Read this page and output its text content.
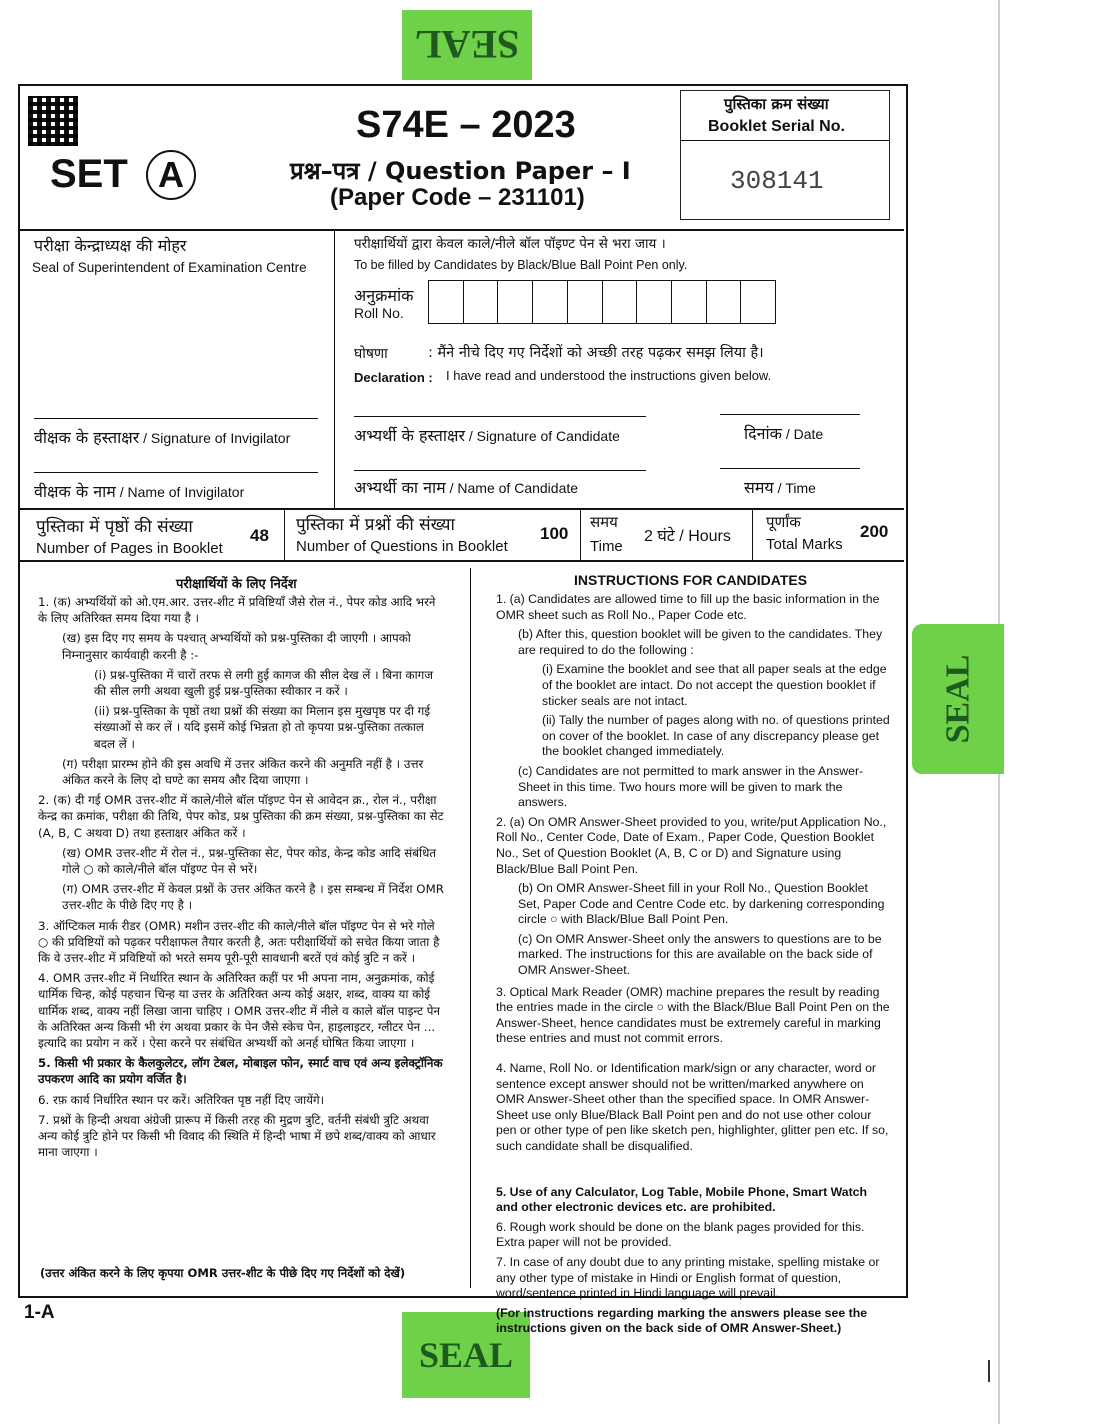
SEAL
SEAL
SEAL
SET A
S74E – 2023
प्रश्न–पत्र / Question Paper – I
(Paper Code – 231101)
पुस्तिका क्रम संख्या
Booklet Serial No.
308141
परीक्षा केन्द्राध्यक्ष की मोहर
Seal of Superintendent of Examination Centre
वीक्षक के हस्ताक्षर / Signature of Invigilator
वीक्षक के नाम / Name of Invigilator
परीक्षार्थियों द्वारा केवल काले/नीले बॉल पॉइण्ट पेन से भरा जाय ।
To be filled by Candidates by Black/Blue Ball Point Pen only.
अनुक्रमांक
Roll No.
घोषणा	: मैंने नीचे दिए गए निर्देशों को अच्छी तरह पढ़कर समझ लिया है।
Declaration : I have read and understood the instructions given below.
अभ्यर्थी के हस्ताक्षर / Signature of Candidate	दिनांक / Date
अभ्यर्थी का नाम / Name of Candidate	समय / Time
पुस्तिका में पृष्ठों की संख्या
Number of Pages in Booklet
48
पुस्तिका में प्रश्नों की संख्या
Number of Questions in Booklet
100
समय
Time
2 घंटे / Hours
पूर्णांक
Total Marks
200
परीक्षार्थियों के लिए निर्देश

1. (क) अभ्यर्थियों को ओ.एम.आर. उत्तर-शीट में प्रविष्टियाँ जैसे रोल नं., पेपर कोड आदि भरने के लिए अतिरिक्त समय दिया गया है ।

(ख) इस दिए गए समय के पश्चात् अभ्यर्थियों को प्रश्न-पुस्तिका दी जाएगी । आपको निम्नानुसार कार्यवाही करनी है :-

(i) प्रश्न-पुस्तिका में चारों तरफ से लगी हुई कागज की सील देख लें । बिना कागज की सील लगी अथवा खुली हुई प्रश्न-पुस्तिका स्वीकार न करें ।

(ii) प्रश्न-पुस्तिका के पृष्ठों तथा प्रश्नों की संख्या का मिलान इस मुखपृष्ठ पर दी गई संख्याओं से कर लें । यदि इसमें कोई भिन्नता हो तो कृपया प्रश्न-पुस्तिका तत्काल बदल लें ।

(ग) परीक्षा प्रारम्भ होने की इस अवधि में उत्तर अंकित करने की अनुमति नहीं है । उत्तर अंकित करने के लिए दो घण्टे का समय और दिया जाएगा ।

2. (क) दी गई OMR उत्तर-शीट में काले/नीले बॉल पॉइण्ट पेन से आवेदन क्र., रोल नं., परीक्षा केन्द्र का क्रमांक, परीक्षा की तिथि, पेपर कोड, प्रश्न पुस्तिका की क्रम संख्या, प्रश्न-पुस्तिका का सेट (A, B, C अथवा D) तथा हस्ताक्षर अंकित करें ।

(ख) OMR उत्तर-शीट में रोल नं., प्रश्न-पुस्तिका सेट, पेपर कोड, केन्द्र कोड आदि संबंधित गोले ○ को काले/नीले बॉल पॉइण्ट पेन से भरें।

(ग) OMR उत्तर-शीट में केवल प्रश्नों के उत्तर अंकित करने है । इस सम्बन्ध में निर्देश OMR उत्तर-शीट के पीछे दिए गए है ।

3. ऑप्टिकल मार्क रीडर (OMR) मशीन उत्तर-शीट की काले/नीले बॉल पॉइण्ट पेन से भरे गोले ○ की प्रविष्टियों को पढ़कर परीक्षाफल तैयार करती है, अतः परीक्षार्थियों को सचेत किया जाता है कि वे उत्तर-शीट में प्रविष्टियों को भरते समय पूरी-पूरी सावधानी बरतें एवं कोई त्रुटि न करें ।

4. OMR उत्तर-शीट में निर्धारित स्थान के अतिरिक्त कहीं पर भी अपना नाम, अनुक्रमांक, कोई धार्मिक चिन्ह, कोई पहचान चिन्ह या उत्तर के अतिरिक्त अन्य कोई अक्षर, शब्द, वाक्य या कोई धार्मिक शब्द, वाक्य नहीं लिखा जाना चाहिए । OMR उत्तर-शीट में नीले व काले बॉल पाइन्ट पेन के अतिरिक्त अन्य किसी भी रंग अथवा प्रकार के पेन जैसे स्केच पेन, हाइलाइटर, ग्लीटर पेन ... इत्यादि का प्रयोग न करें । ऐसा करने पर संबंधित अभ्यर्थी को अनर्ह घोषित किया जाएगा ।

5. किसी भी प्रकार के कैलकुलेटर, लॉग टेबल, मोबाइल फोन, स्मार्ट वाच एवं अन्य इलेक्ट्रॉनिक उपकरण आदि का प्रयोग वर्जित है।

6. रफ़ कार्य निर्धारित स्थान पर करें। अतिरिक्त पृष्ठ नहीं दिए जायेंगे।

7. प्रश्नों के हिन्दी अथवा अंग्रेजी प्रारूप में किसी तरह की मुद्रण त्रुटि, वर्तनी संबंधी त्रुटि अथवा अन्य कोई त्रुटि होने पर किसी भी विवाद की स्थिति में हिन्दी भाषा में छपे शब्द/वाक्य को आधार माना जाएगा ।

(उत्तर अंकित करने के लिए कृपया OMR उत्तर-शीट के पीछे दिए गए निर्देशों को देखें)
INSTRUCTIONS FOR CANDIDATES

1. (a) Candidates are allowed time to fill up the basic information in the OMR sheet such as Roll No., Paper Code etc.

(b) After this, question booklet will be given to the candidates. They are required to do the following :

(i) Examine the booklet and see that all paper seals at the edge of the booklet are intact. Do not accept the question booklet if sticker seals are not intact.

(ii) Tally the number of pages along with no. of questions printed on cover of the booklet. In case of any discrepancy please get the booklet changed immediately.

(c) Candidates are not permitted to mark answer in the Answer-Sheet in this time. Two hours more will be given to mark the answers.

2. (a) On OMR Answer-Sheet provided to you, write/put Application No., Roll No., Center Code, Date of Exam., Paper Code, Question Booklet No., Set of Question Booklet (A, B, C or D) and Signature using Black/Blue Ball Point Pen.

(b) On OMR Answer-Sheet fill in your Roll No., Question Booklet Set, Paper Code and Centre Code etc. by darkening corresponding circle ○ with Black/Blue Ball Point Pen.

(c) On OMR Answer-Sheet only the answers to questions are to be marked. The instructions for this are available on the back side of OMR Answer-Sheet.

3. Optical Mark Reader (OMR) machine prepares the result by reading the entries made in the circle ○ with the Black/Blue Ball Point Pen on the Answer-Sheet, hence candidates must be extremely careful in marking these entries and must not commit errors.

4. Name, Roll No. or Identification mark/sign or any character, word or sentence except answer should not be written/marked anywhere on OMR Answer-Sheet other than the specified space. In OMR Answer-Sheet use only Blue/Black Ball Point pen and do not use other colour pen or other type of pen like sketch pen, highlighter, glitter pen etc. If so, such candidate shall be disqualified.

5. Use of any Calculator, Log Table, Mobile Phone, Smart Watch and other electronic devices etc. are prohibited.

6. Rough work should be done on the blank pages provided for this. Extra paper will not be provided.

7. In case of any doubt due to any printing mistake, spelling mistake or any other type of mistake in Hindi or English format of question, word/sentence printed in Hindi language will prevail.

(For instructions regarding marking the answers please see the instructions given on the back side of OMR Answer-Sheet.)

1-A
